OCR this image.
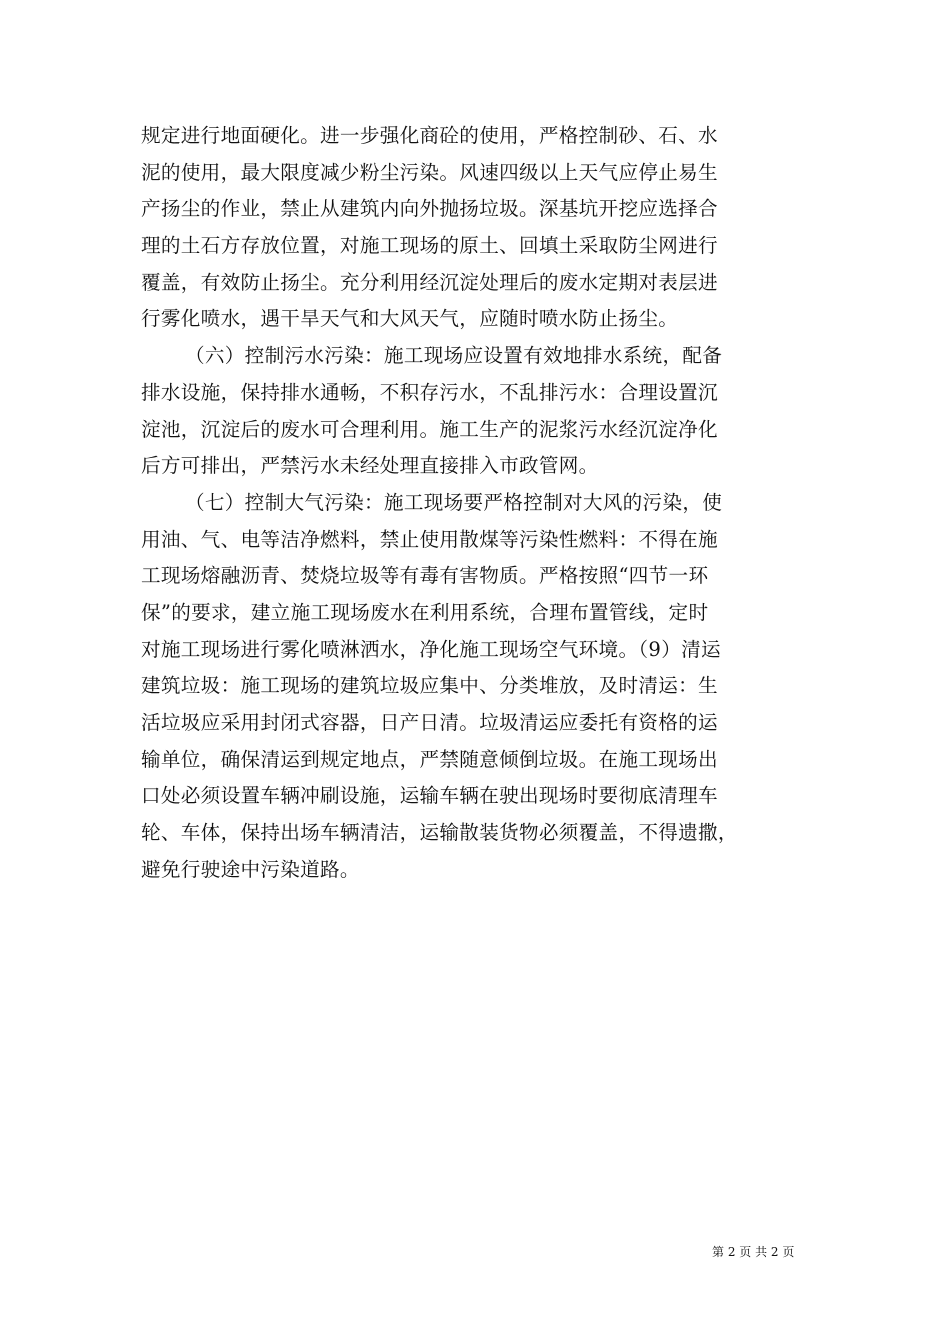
规定进行地面硬化。进一步强化商砼的使用，严格控制砂、石、水
泥的使用，最大限度减少粉尘污染。风速四级以上天气应停止易生
产扬尘的作业，禁止从建筑内向外抛扬垃圾。深基坑开挖应选择合
理的土石方存放位置，对施工现场的原土、回填土采取防尘网进行
覆盖，有效防止扬尘。充分利用经沉淀处理后的废水定期对表层进
行雾化喷水，遇干旱天气和大风天气，应随时喷水防止扬尘。
（六）控制污水污染：施工现场应设置有效地排水系统，配备
排水设施，保持排水通畅，不积存污水，不乱排污水：合理设置沉
淀池，沉淀后的废水可合理利用。施工生产的泥浆污水经沉淀净化
后方可排出，严禁污水未经处理直接排入市政管网。
（七）控制大气污染：施工现场要严格控制对大风的污染，使
用油、气、电等洁净燃料，禁止使用散煤等污染性燃料：不得在施
工现场熔融沥青、焚烧垃圾等有毒有害物质。严格按照“四节一环
保”的要求，建立施工现场废水在利用系统，合理布置管线，定时
对施工现场进行雾化喷淋洒水，净化施工现场空气环境。（9）清运
建筑垃圾：施工现场的建筑垃圾应集中、分类堆放，及时清运：生
活垃圾应采用封闭式容器，日产日清。垃圾清运应委托有资格的运
输单位，确保清运到规定地点，严禁随意倾倒垃圾。在施工现场出
口处必须设置车辆冲刷设施，运输车辆在驶出现场时要彻底清理车
轮、车体，保持出场车辆清洁，运输散装货物必须覆盖，不得遗撒，
避免行驶途中污染道路。
第 2 页 共 2 页
